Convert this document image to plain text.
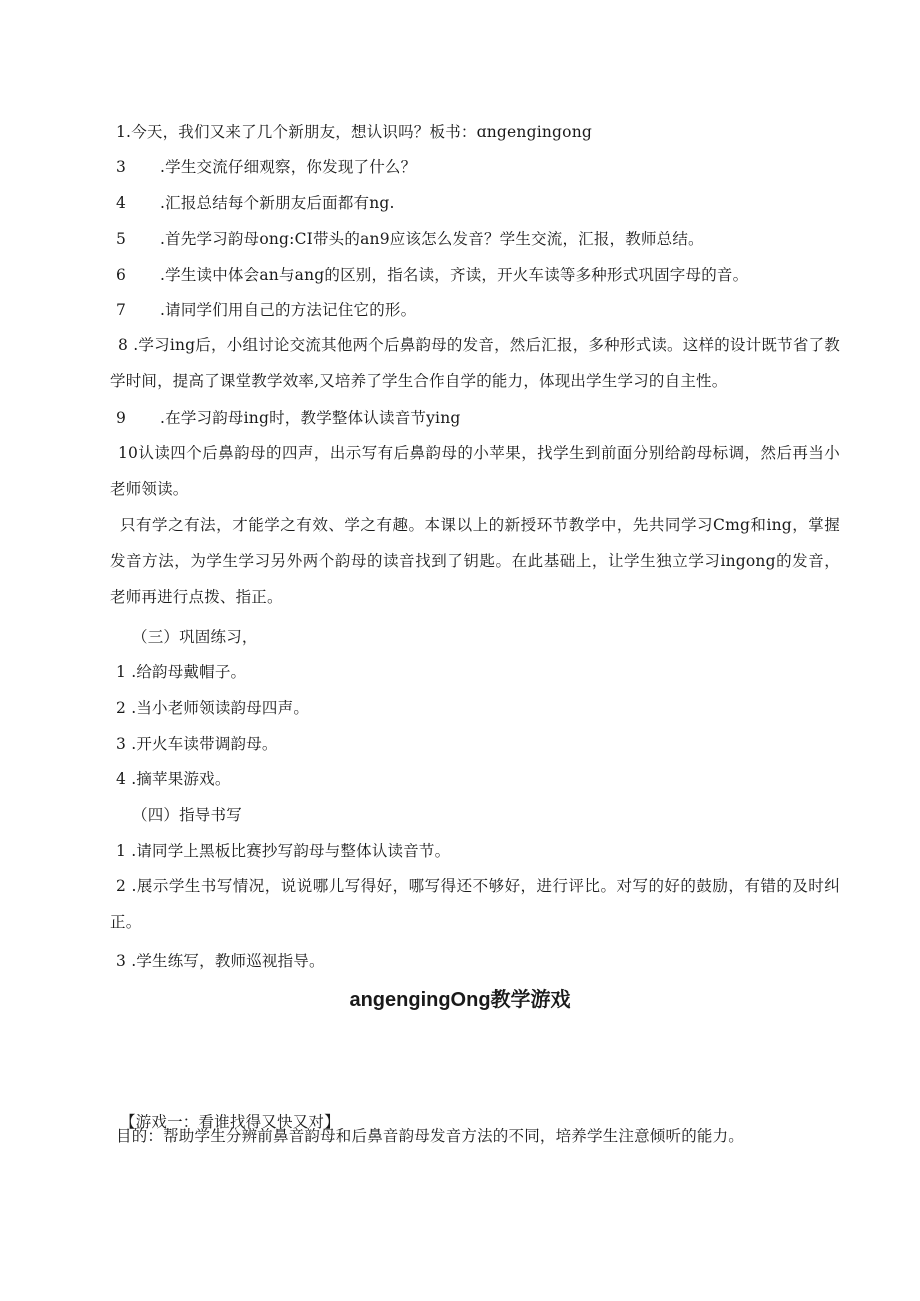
1.今天，我们又来了几个新朋友，想认识吗？板书：ɑngengingong
3 .学生交流仔细观察，你发现了什么？
4 .汇报总结每个新朋友后面都有ng.
5 .首先学习韵母ong:CI带头的an9应该怎么发音？学生交流，汇报，教师总结。
6 .学生读中体会an与ang的区别，指名读，齐读，开火车读等多种形式巩固字母的音。
7 .请同学们用自己的方法记住它的形。
8 .学习ing后，小组讨论交流其他两个后鼻韵母的发音，然后汇报，多种形式读。这样的设计既节省了教学时间，提高了课堂教学效率,又培养了学生合作自学的能力，体现出学生学习的自主性。
9 .在学习韵母ing时，教学整体认读音节ying
10认读四个后鼻韵母的四声，出示写有后鼻韵母的小苹果，找学生到前面分别给韵母标调，然后再当小老师领读。
只有学之有法，才能学之有效、学之有趣。本课以上的新授环节教学中，先共同学习Cmg和ing，掌握发音方法，为学生学习另外两个韵母的读音找到了钥匙。在此基础上，让学生独立学习ingong的发音，老师再进行点拨、指正。
（三）巩固练习，
1 .给韵母戴帽子。
2 .当小老师领读韵母四声。
3 .开火车读带调韵母。
4 .摘苹果游戏。
（四）指导书写
1 .请同学上黑板比赛抄写韵母与整体认读音节。
2 .展示学生书写情况，说说哪儿写得好，哪写得还不够好，进行评比。对写的好的鼓励，有错的及时纠正。
3 .学生练写，教师巡视指导。
angengingOng教学游戏
【游戏一：看谁找得又快又对】
目的：帮助学生分辨前鼻音韵母和后鼻音韵母发音方法的不同，培养学生注意倾听的能力。
